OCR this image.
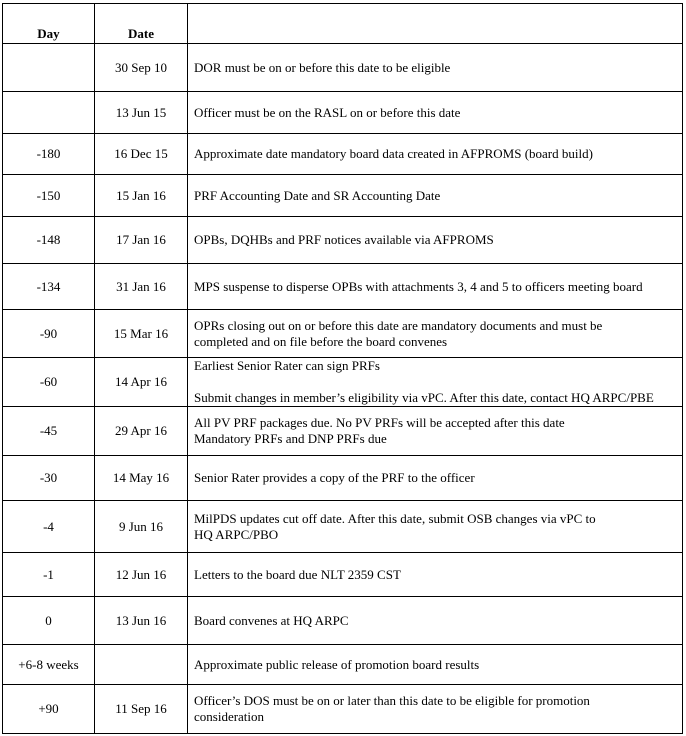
Day	Date	
	30 Sep 10	DOR must be on or before this date to be eligible

	13 Jun 15	Officer must be on the RASL on or before this date

-180	16 Dec 15	Approximate date mandatory board data created in AFPROMS (board build)

-150	15 Jan 16	PRF Accounting Date and SR Accounting Date

-148	17 Jan 16	OPBs, DQHBs and PRF notices available via AFPROMS

-134	31 Jan 16	MPS suspense to disperse OPBs with attachments 3, 4 and 5 to officers meeting board

-90	15 Mar 16	OPRs closing out on or before this date are mandatory documents and must be
completed and on file before the board convenes

-60	14 Apr 16	Earliest Senior Rater can sign PRFs
Submit changes in member’s eligibility via vPC. After this date, contact HQ ARPC/PBE

-45	29 Apr 16	All PV PRF packages due. No PV PRFs will be accepted after this date
Mandatory PRFs and DNP PRFs due

-30	14 May 16	Senior Rater provides a copy of the PRF to the officer

-4	9 Jun 16	MilPDS updates cut off date. After this date, submit OSB changes via vPC to
HQ ARPC/PBO

-1	12 Jun 16	Letters to the board due NLT 2359 CST

0	13 Jun 16	Board convenes at HQ ARPC

+6-8 weeks		Approximate public release of promotion board results

+90	11 Sep 16	Officer’s DOS must be on or later than this date to be eligible for promotion
consideration
